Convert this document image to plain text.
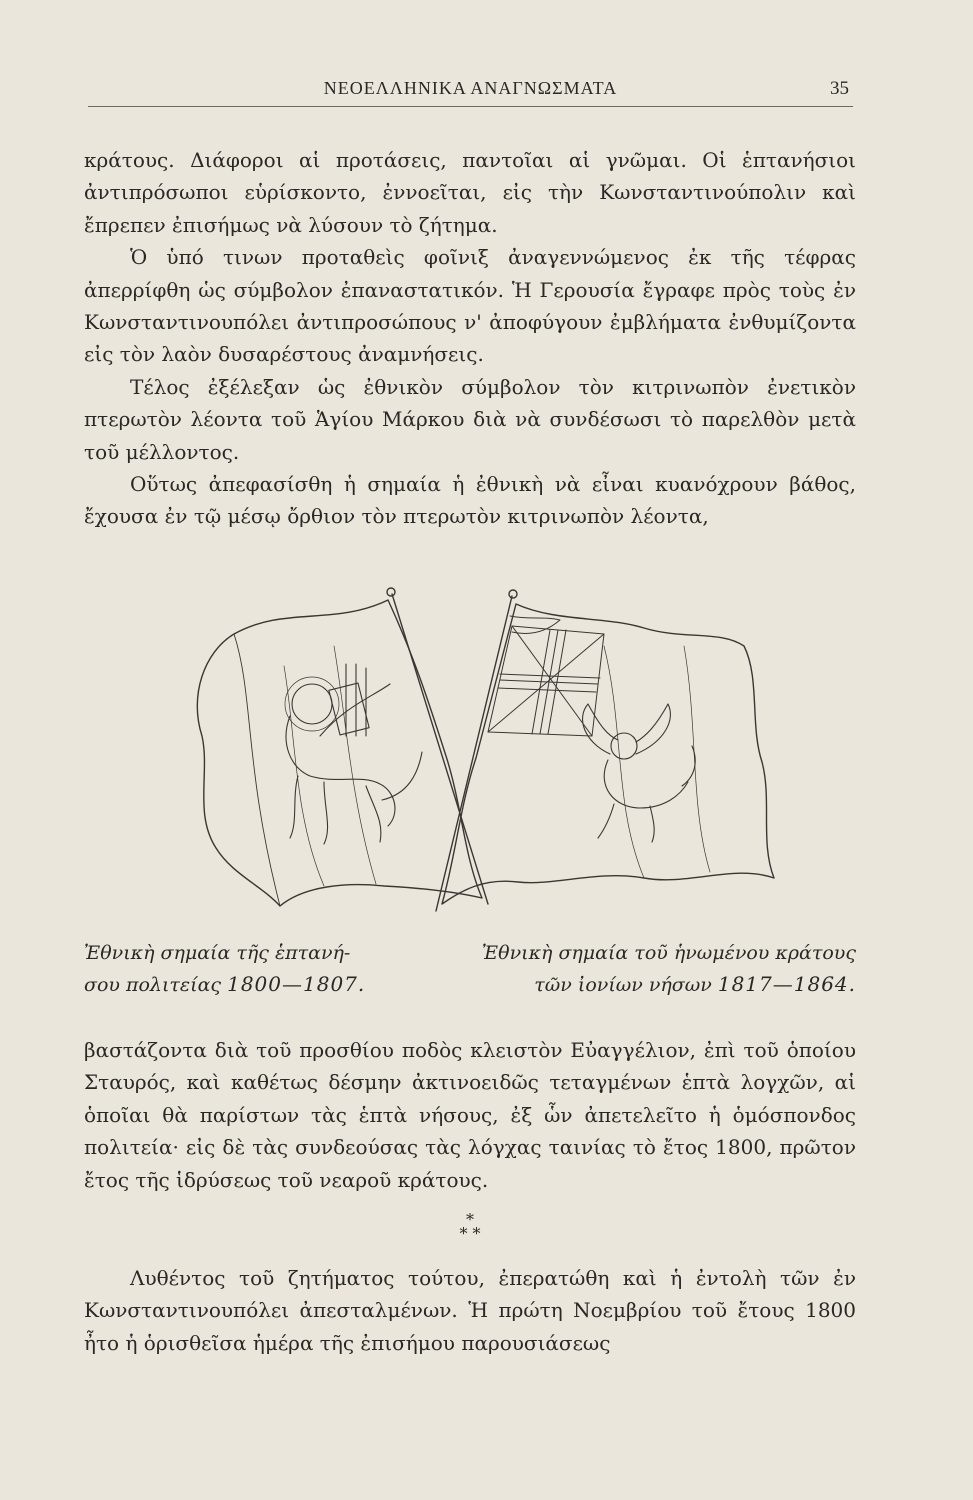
ΝΕΟΕΛΛΗΝΙΚΑ ΑΝΑΓΝΩΣΜΑΤΑ	35

κράτους. Διάφοροι αἱ προτάσεις, παντοῖαι αἱ γνῶμαι. Οἱ ἑπτανήσιοι ἀντιπρόσωποι εὑρίσκοντο, ἐννοεῖται, εἰς τὴν Κωνσταντινούπολιν καὶ ἔπρεπεν ἐπισήμως νὰ λύσουν τὸ ζήτημα.

Ὁ ὑπό τινων προταθεὶς φοῖνιξ ἀναγεννώμενος ἐκ τῆς τέφρας ἀπερρίφθη ὡς σύμβολον ἐπαναστατικόν. Ἡ Γερουσία ἔγραφε πρὸς τοὺς ἐν Κωνσταντινουπόλει ἀντιπροσώπους ν' ἀποφύγουν ἐμβλήματα ἐνθυμίζοντα εἰς τὸν λαὸν δυσαρέστους ἀναμνήσεις.

Τέλος ἐξέλεξαν ὡς ἐθνικὸν σύμβολον τὸν κιτρινωπὸν ἐνετικὸν πτερωτὸν λέοντα τοῦ Ἁγίου Μάρκου διὰ νὰ συνδέσωσι τὸ παρελθὸν μετὰ τοῦ μέλλοντος.

Οὕτως ἀπεφασίσθη ἡ σημαία ἡ ἐθνικὴ νὰ εἶναι κυανόχρουν βάθος, ἔχουσα ἐν τῷ μέσῳ ὄρθιον τὸν πτερωτὸν κιτρινωπὸν λέοντα,

Ἐθνικὴ σημαία τῆς ἑπτανή-
σου πολιτείας 1800—1807.
Ἐθνικὴ σημαία τοῦ ἡνωμένου κράτους
τῶν ἰονίων νήσων 1817—1864.

βαστάζοντα διὰ τοῦ προσθίου ποδὸς κλειστὸν Εὐαγγέλιον, ἐπὶ τοῦ ὁποίου Σταυρός, καὶ καθέτως δέσμην ἀκτινοειδῶς τεταγμένων ἑπτὰ λογχῶν, αἱ ὁποῖαι θὰ παρίστων τὰς ἑπτὰ νήσους, ἐξ ὧν ἀπετελεῖτο ἡ ὁμόσπονδος πολιτεία· εἰς δὲ τὰς συνδεούσας τὰς λόγχας ταινίας τὸ ἔτος 1800, πρῶτον ἔτος τῆς ἱδρύσεως τοῦ νεαροῦ κράτους.

*
* *

Λυθέντος τοῦ ζητήματος τούτου, ἐπερατώθη καὶ ἡ ἐντολὴ τῶν ἐν Κωνσταντινουπόλει ἀπεσταλμένων. Ἡ πρώτη Νοεμβρίου τοῦ ἔτους 1800 ἦτο ἡ ὁρισθεῖσα ἡμέρα τῆς ἐπισήμου παρουσιάσεως
